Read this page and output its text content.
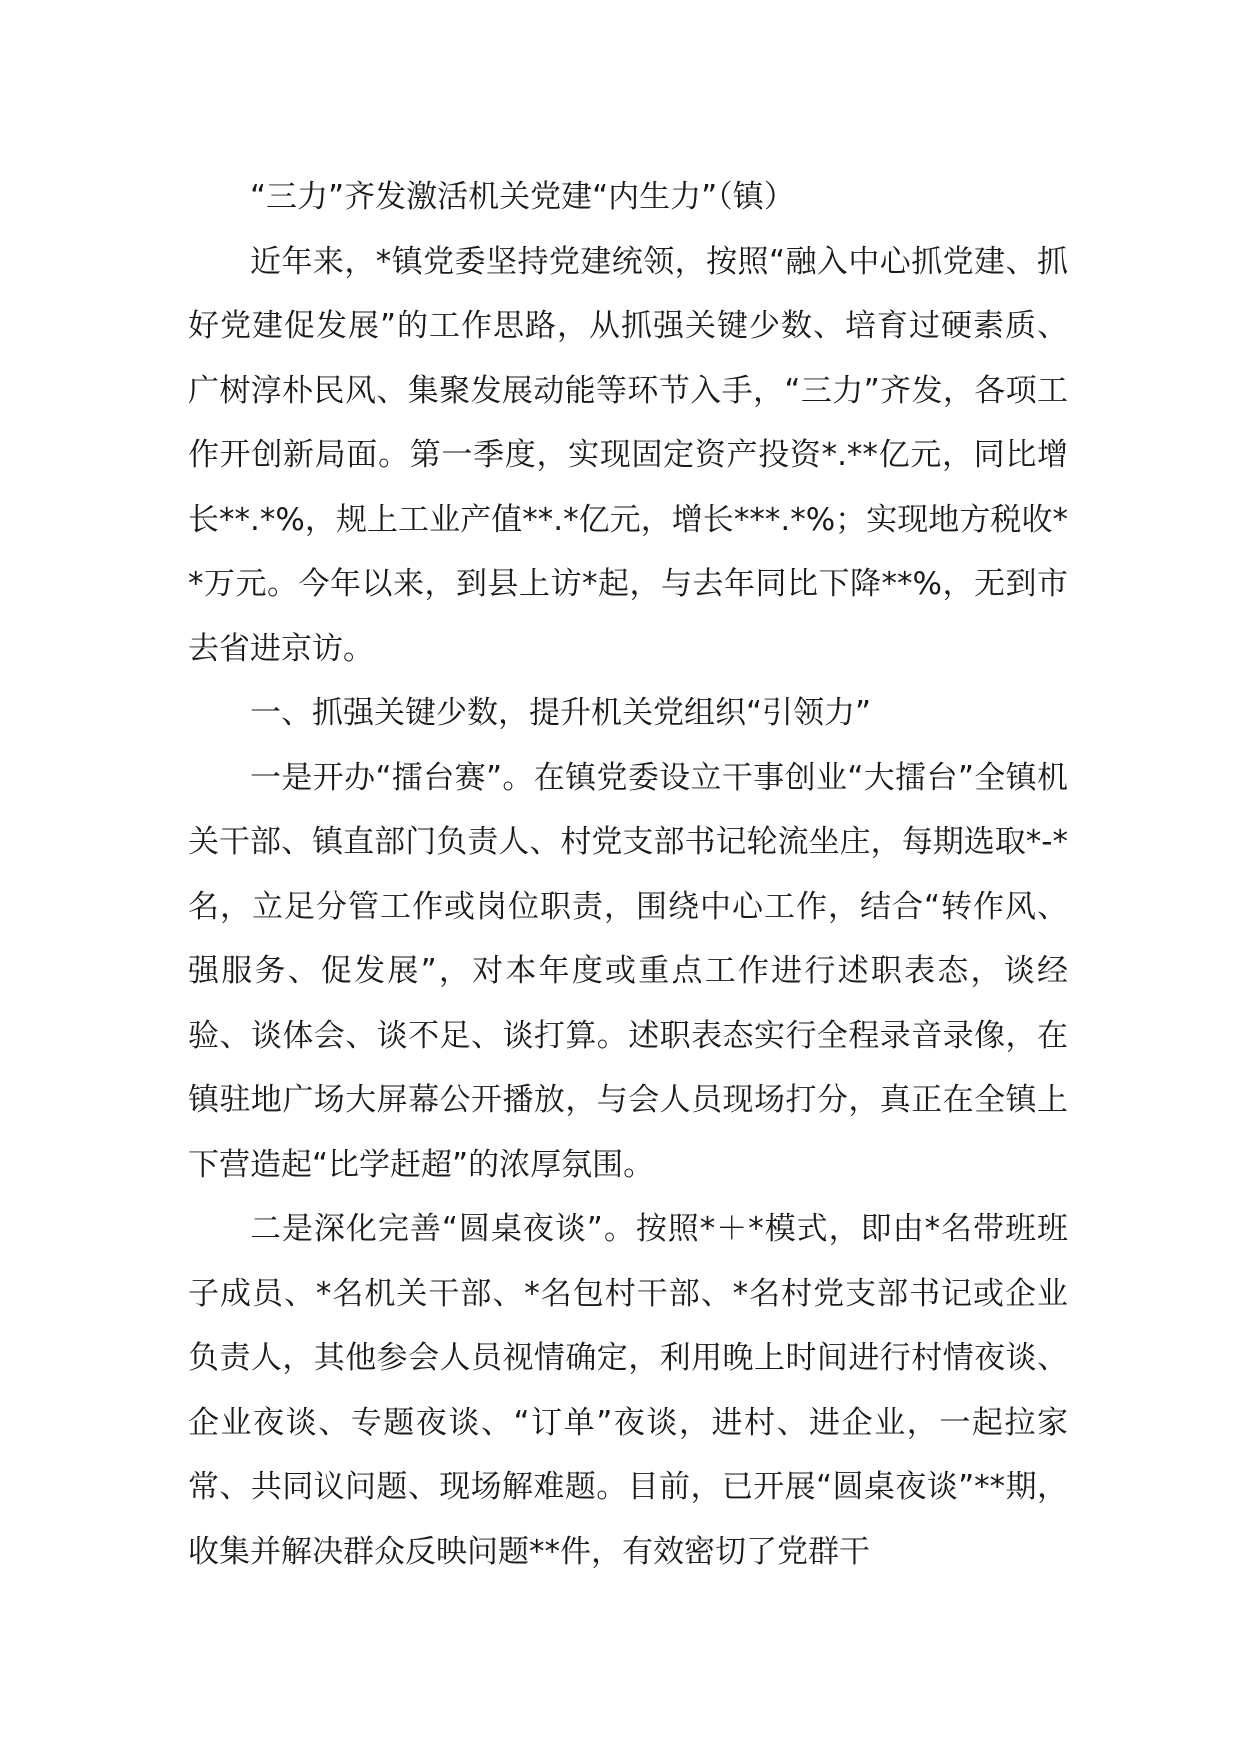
“三力”齐发激活机关党建“内生力”（镇）

近年来，*镇党委坚持党建统领，按照“融入中心抓党建、抓好党建促发展”的工作思路，从抓强关键少数、培育过硬素质、广树淳朴民风、集聚发展动能等环节入手，“三力”齐发，各项工作开创新局面。第一季度，实现固定资产投资*.**亿元，同比增长**.*%，规上工业产值**.*亿元，增长***.*%；实现地方税收**万元。今年以来，到县上访*起，与去年同比下降**%，无到市去省进京访。

一、抓强关键少数，提升机关党组织“引领力”

一是开办“擂台赛”。在镇党委设立干事创业“大擂台”全镇机关干部、镇直部门负责人、村党支部书记轮流坐庄，每期选取*-*名，立足分管工作或岗位职责，围绕中心工作，结合“转作风、强服务、促发展”，对本年度或重点工作进行述职表态，谈经验、谈体会、谈不足、谈打算。述职表态实行全程录音录像，在镇驻地广场大屏幕公开播放，与会人员现场打分，真正在全镇上下营造起“比学赶超”的浓厚氛围。

二是深化完善“圆桌夜谈”。按照*＋*模式，即由*名带班班子成员、*名机关干部、*名包村干部、*名村党支部书记或企业负责人，其他参会人员视情确定，利用晚上时间进行村情夜谈、企业夜谈、专题夜谈、“订单”夜谈，进村、进企业，一起拉家常、共同议问题、现场解难题。目前，已开展“圆桌夜谈”**期，收集并解决群众反映问题**件，有效密切了党群干
